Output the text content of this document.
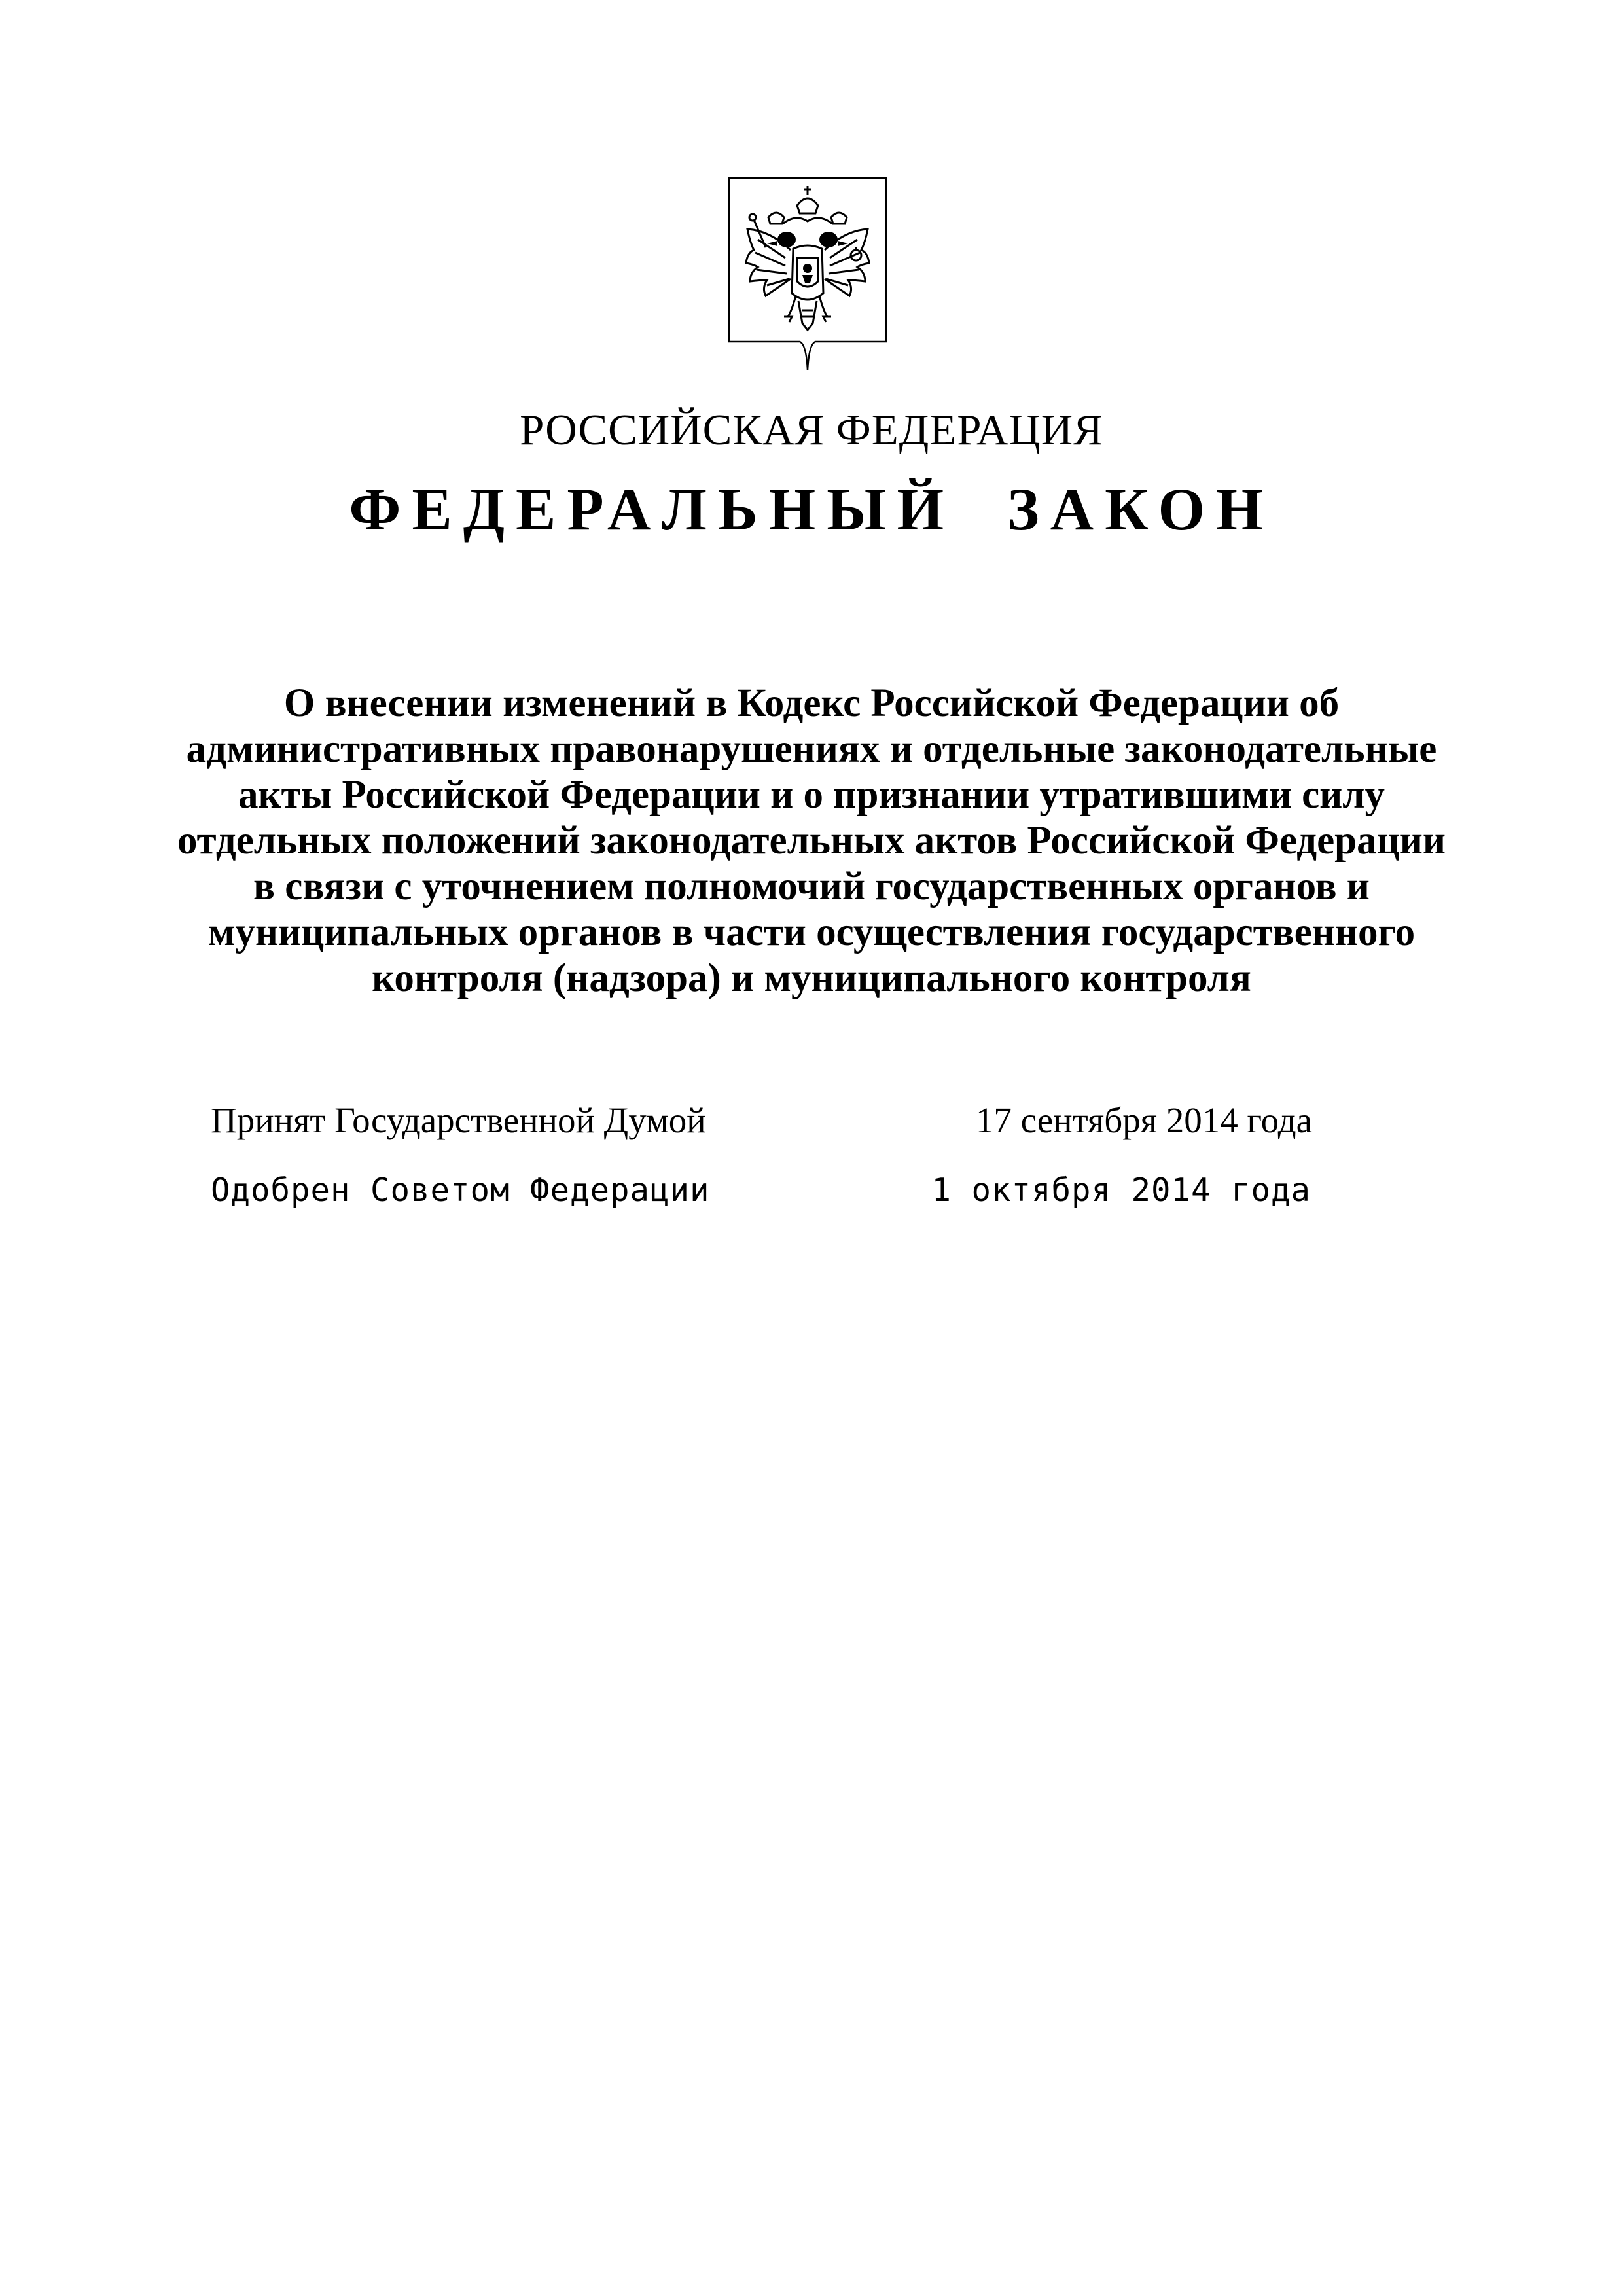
РОССИЙСКАЯ ФЕДЕРАЦИЯ
ФЕДЕРАЛЬНЫЙ  ЗАКОН
О внесении изменений в Кодекс Российской Федерации об
административных правонарушениях и отдельные законодательные
акты Российской Федерации и о признании утратившими силу
отдельных положений законодательных актов Российской Федерации
в связи с уточнением полномочий государственных органов и
муниципальных органов в части осуществления государственного
контроля (надзора) и муниципального контроля
Принят Государственной Думой	17 сентября 2014 года
Одобрен Советом Федерации	1 октября 2014 года
